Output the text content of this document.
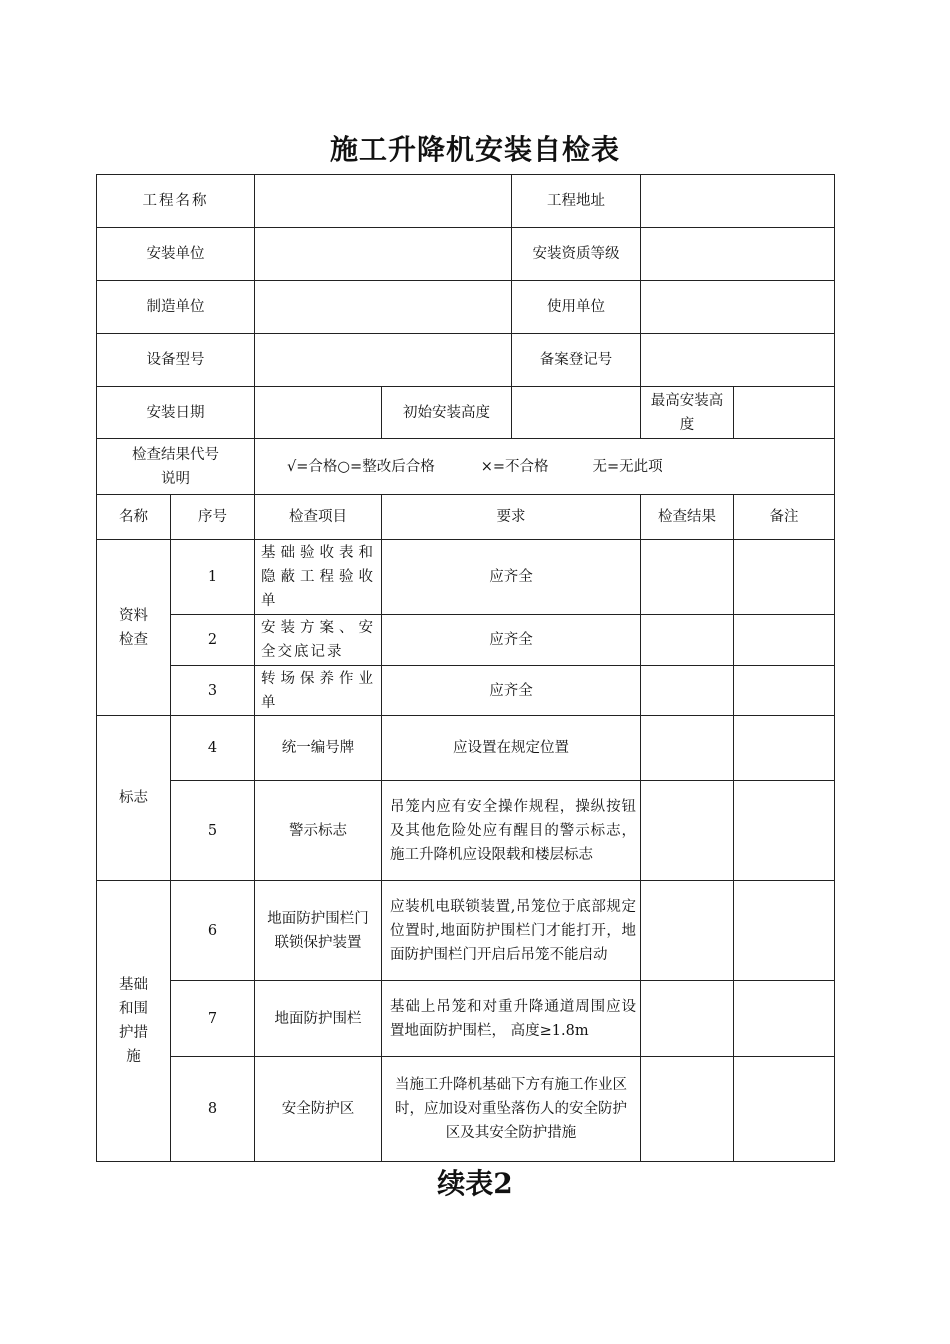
施工升降机安装自检表
工程名称				工程地址		
安装单位				安装资质等级		
制造单位				使用单位		
设备型号				备案登记号		
安装日期			初始安装高度		最高安装高度	
检查结果代号说明		√=合格○=整改后合格 ×=不合格 无=无此项				
名称	序号	检查项目	要求		检查结果	备注
资料检查	1	基础验收表和隐蔽工程验收单	应齐全			
	2	安装方案、安全交底记录	应齐全			
	3	转场保养作业单	应齐全			
标志	4	统一编号牌	应设置在规定位置			
	5	警示标志	吊笼内应有安全操作规程，操纵按钮及其他危险处应有醒目的警示标志，施工升降机应设限载和楼层标志			
基础和围护措施	6	地面防护围栏门联锁保护装置	应装机电联锁装置,吊笼位于底部规定位置时,地面防护围栏门才能打开，地面防护围栏门开启后吊笼不能启动			
	7	地面防护围栏	基础上吊笼和对重升降通道周围应设置地面防护围栏， 高度≥1.8m			
	8	安全防护区	当施工升降机基础下方有施工作业区时，应加设对重坠落伤人的安全防护区及其安全防护措施			
续表2
